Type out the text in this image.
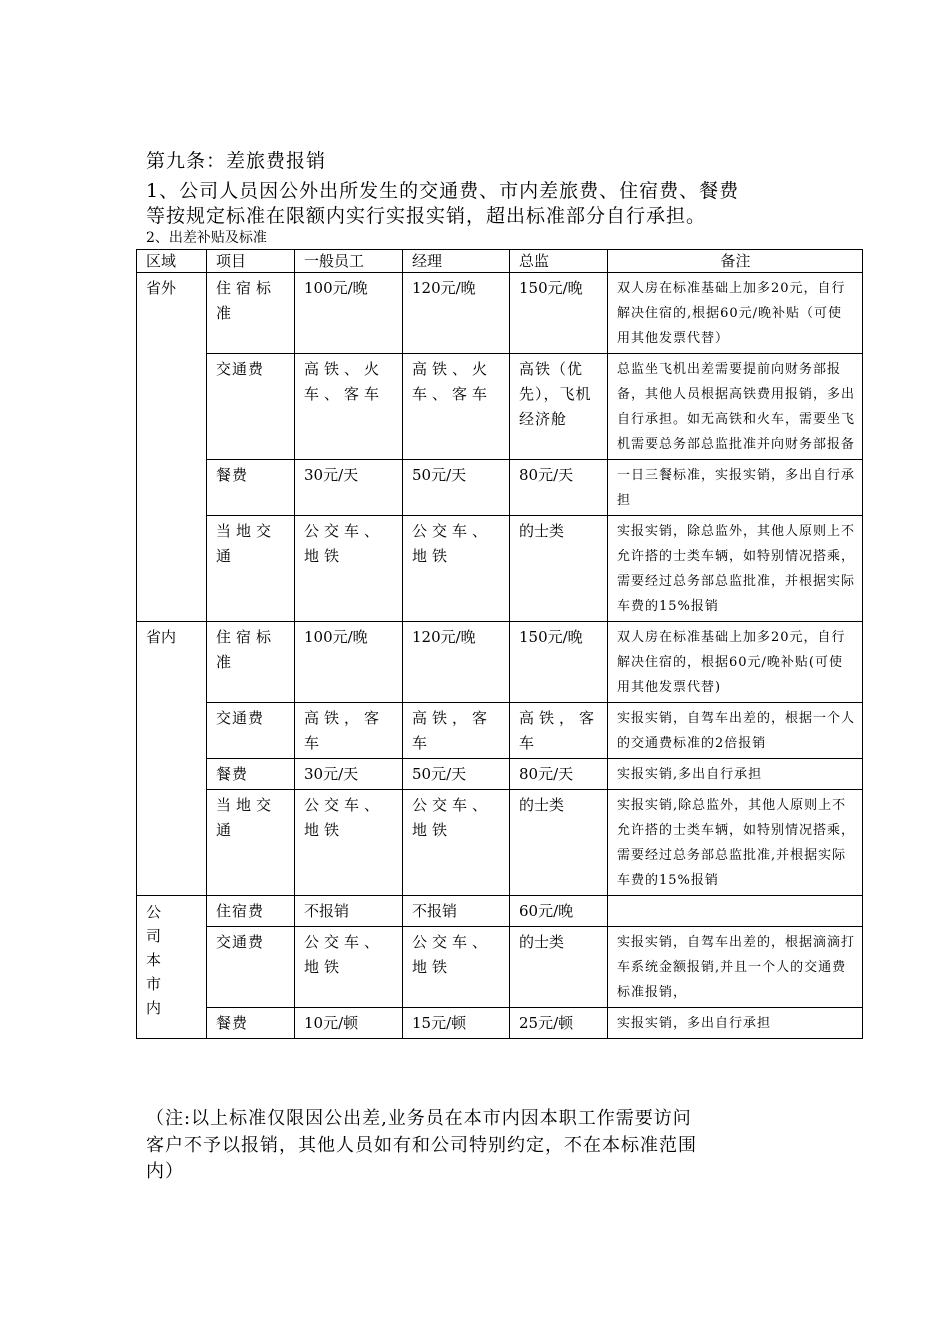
第九条：差旅费报销
1、公司人员因公外出所发生的交通费、市内差旅费、住宿费、餐费
等按规定标准在限额内实行实报实销，超出标准部分自行承担。
2、出差补贴及标准
区域	项目	一般员工	经理	总监	备注
省外	住宿标准	100元/晚	120元/晚	150元/晚	双人房在标准基础上加多20元，自行解决住宿的,根据60元/晚补贴（可使用其他发票代替）
	交通费	高铁、火车、客车	高铁、火车、客车	高铁（优先），飞机经济舱	总监坐飞机出差需要提前向财务部报备，其他人员根据高铁费用报销，多出自行承担。如无高铁和火车，需要坐飞机需要总务部总监批准并向财务部报备
	餐费	30元/天	50元/天	80元/天	一日三餐标准，实报实销，多出自行承担
	当地交通	公交车、地铁	公交车、地铁	的士类	实报实销，除总监外，其他人原则上不允许搭的士类车辆，如特别情况搭乘，需要经过总务部总监批准，并根据实际车费的15%报销
省内	住宿标准	100元/晚	120元/晚	150元/晚	双人房在标准基础上加多20元，自行解决住宿的，根据60元/晚补贴(可使用其他发票代替)
	交通费	高铁，客车	高铁，客车	高铁，客车	实报实销，自驾车出差的，根据一个人的交通费标准的2倍报销
	餐费	30元/天	50元/天	80元/天	实报实销,多出自行承担
	当地交通	公交车、地铁	公交车、地铁	的士类	实报实销,除总监外，其他人原则上不允许搭的士类车辆，如特别情况搭乘，需要经过总务部总监批准,并根据实际车费的15%报销
公司本市内	住宿费	不报销	不报销	60元/晚	
	交通费	公交车、地铁	公交车、地铁	的士类	实报实销，自驾车出差的，根据滴滴打车系统金额报销,并且一个人的交通费标准报销，
	餐费	10元/顿	15元/顿	25元/顿	实报实销，多出自行承担
（注:以上标准仅限因公出差,业务员在本市内因本职工作需要访问
客户不予以报销，其他人员如有和公司特别约定，不在本标准范围
内）
